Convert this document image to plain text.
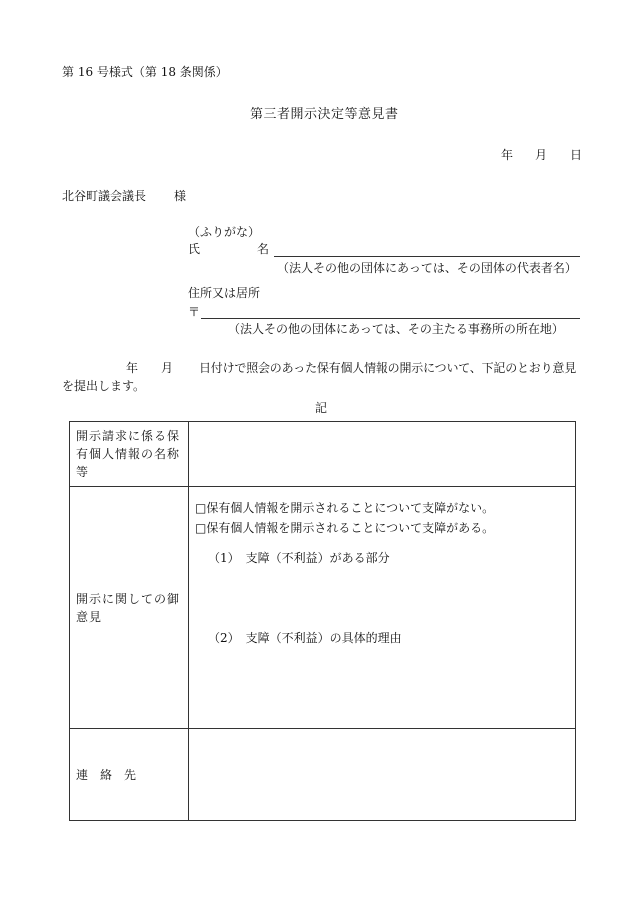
第 16 号様式（第 18 条関係）
第三者開示決定等意見書
年 月 日
北谷町議会議長 様
（ふりがな）
氏	名
（法人その他の団体にあっては、その団体の代表者名）
住所又は居所
〒
（法人その他の団体にあっては、その主たる事務所の所在地）
年 月 日付けで照会のあった保有個人情報の開示について、下記のとおり意見
を提出します。
記
開示請求に係る保有個人情報の名称等	

開示に関しての御意見	□保有個人情報を開示されることについて支障がない。
□保有個人情報を開示されることについて支障がある。
（1）　支障（不利益）がある部分
（2）　支障（不利益）の具体的理由

連　絡　先	
